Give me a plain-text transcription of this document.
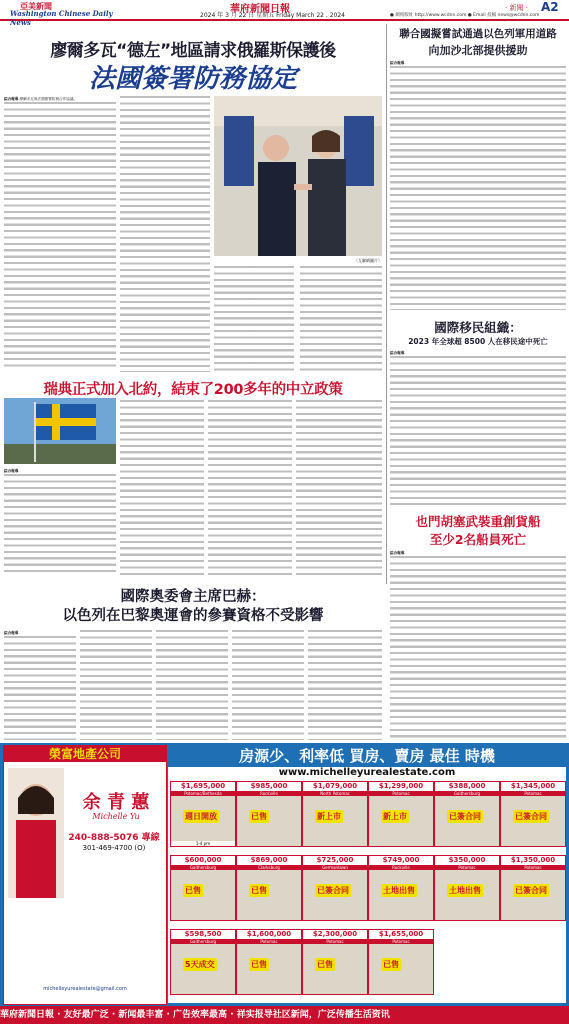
亞美新聞
Washington Chinese Daily News
華府新聞日報
2024 年 3 月 22 日 星期五 Friday March 22 , 2024	● 網絡版址 http://www.wcdnn.com ● Email 投稿 news@wcdnn.com
· 新聞 · A2
廖爾多瓦“德左”地區請求俄羅斯保護後
法國簽署防務協定
綜合報導 摩爾多瓦與法國簽署防務合作協議。
（互聯網圖片）
聯合國擬嘗試通過以色列軍用道路
向加沙北部提供援助
綜合報導
國際移民組織：
2023 年全球超 8500 人在移民途中死亡
綜合報導
瑞典正式加入北約，結束了200多年的中立政策
綜合報導
也門胡塞武裝重創貨船
至少2名船員死亡
綜合報導
國際奧委會主席巴赫：
以色列在巴黎奧運會的參賽資格不受影響
綜合報導
榮富地產公司
余 青 蕙
Michelle Yu
240-888-5076 專線
301-469-4700 (O)
michelleyurealestate@gmail.com
房源少、利率低 買房、賣房 最佳 時機
www.michelleyurealestate.com
$1,695,000
Potomac/Bethesda
週日開放
1-4 pm
$985,000
Rockville
已售
$1,079,000
North Potomac
新上市
$1,299,000
Potomac
新上市
$388,000
Gaithersburg
已簽合同
$1,345,000
Potomac
已簽合同
$600,000
Gaithersburg
已售
$869,000
Clarksburg
已售
$725,000
Germantown
已簽合同
$749,000
Rockville
土地出售
$350,000
Potomac
土地出售
$1,350,000
Potomac
已簽合同
$598,500
Gaithersburg
5天成交
$1,600,000
Potomac
已售
$2,300,000
Potomac
已售
$1,655,000
Potomac
已售
華府新聞日報 · 友好最广泛 · 新闻最丰富 · 广告效率最高 · 祥实报导社区新闻，广泛传播生活资讯
